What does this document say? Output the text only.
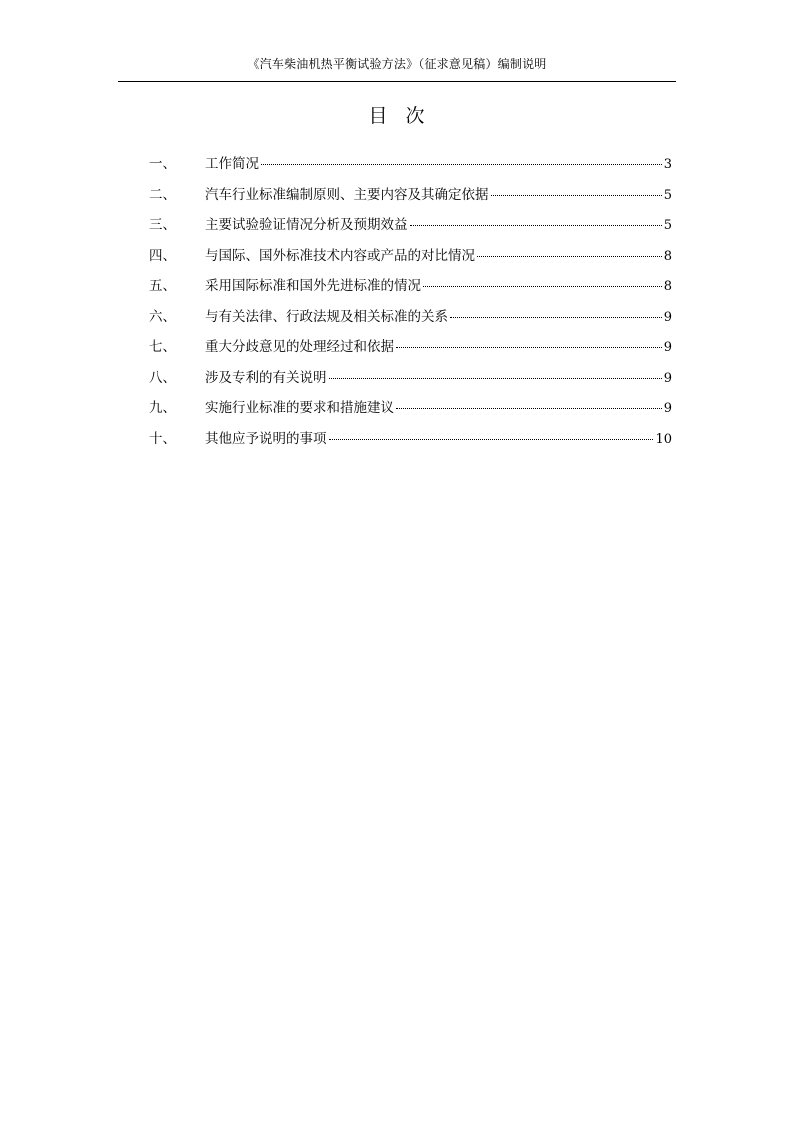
《汽车柴油机热平衡试验方法》（征求意见稿）编制说明
目次
一、	工作简况	3
二、	汽车行业标准编制原则、主要内容及其确定依据	5
三、	主要试验验证情况分析及预期效益	5
四、	与国际、国外标准技术内容或产品的对比情况	8
五、	采用国际标准和国外先进标准的情况	8
六、	与有关法律、行政法规及相关标准的关系	9
七、	重大分歧意见的处理经过和依据	9
八、	涉及专利的有关说明	9
九、	实施行业标准的要求和措施建议	9
十、	其他应予说明的事项	10
